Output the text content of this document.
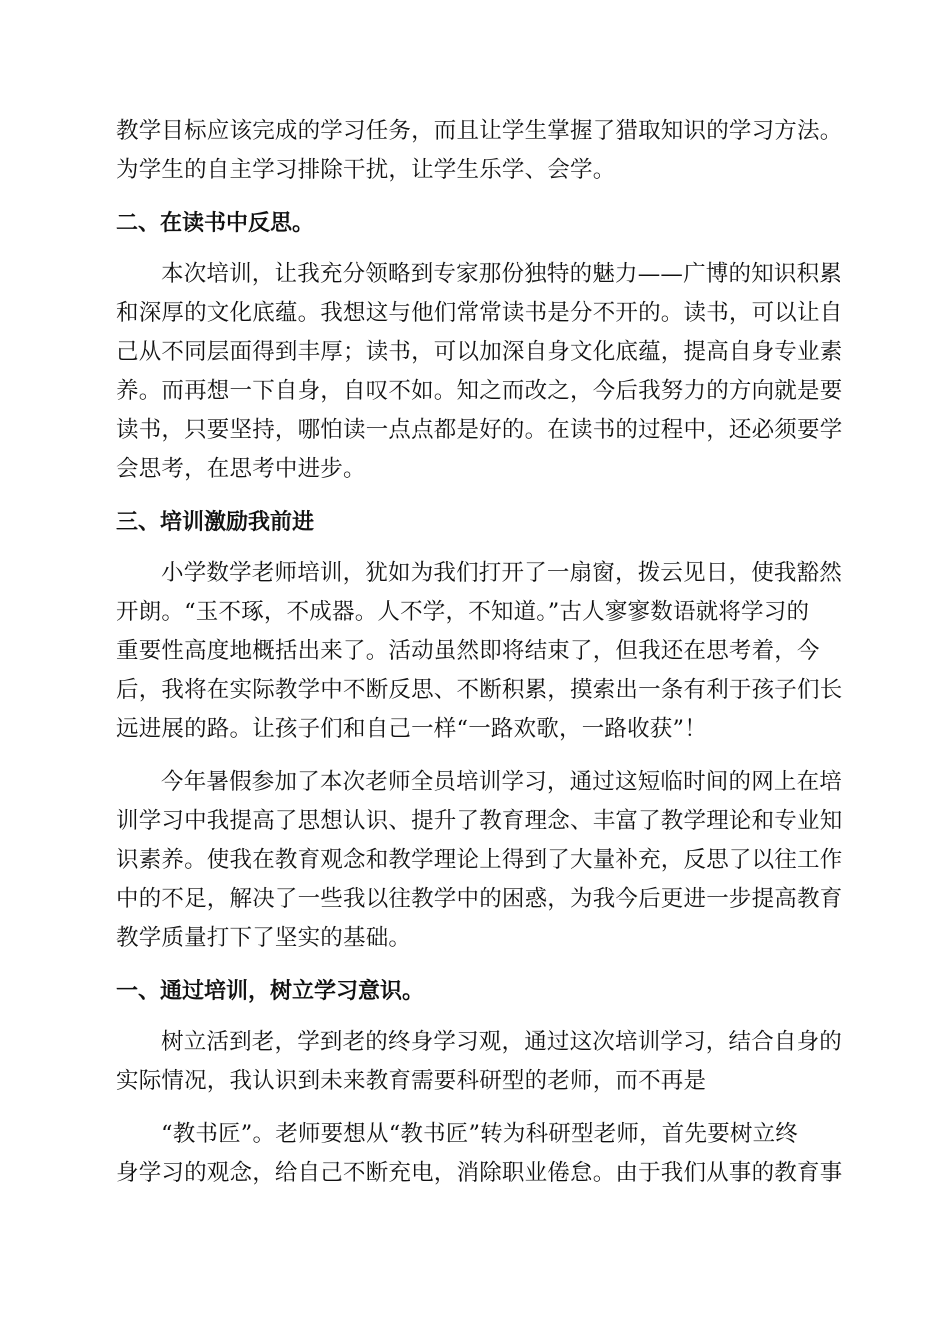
教学目标应该完成的学习任务，而且让学生掌握了猎取知识的学习方法。
为学生的自主学习排除干扰，让学生乐学、会学。
二、在读书中反思。
本次培训，让我充分领略到专家那份独特的魅力——广博的知识积累
和深厚的文化底蕴。我想这与他们常常读书是分不开的。读书，可以让自
己从不同层面得到丰厚；读书，可以加深自身文化底蕴，提高自身专业素
养。而再想一下自身，自叹不如。知之而改之，今后我努力的方向就是要
读书，只要坚持，哪怕读一点点都是好的。在读书的过程中，还必须要学
会思考，在思考中进步。
三、培训激励我前进
小学数学老师培训，犹如为我们打开了一扇窗，拨云见日，使我豁然
开朗。“玉不琢，不成器。人不学，不知道。”古人寥寥数语就将学习的
重要性高度地概括出来了。活动虽然即将结束了，但我还在思考着，今
后，我将在实际教学中不断反思、不断积累，摸索出一条有利于孩子们长
远进展的路。让孩子们和自己一样“一路欢歌，一路收获”！
今年暑假参加了本次老师全员培训学习，通过这短临时间的网上在培
训学习中我提高了思想认识、提升了教育理念、丰富了教学理论和专业知
识素养。使我在教育观念和教学理论上得到了大量补充，反思了以往工作
中的不足，解决了一些我以往教学中的困惑，为我今后更进一步提高教育
教学质量打下了坚实的基础。
一、通过培训，树立学习意识。
树立活到老，学到老的终身学习观，通过这次培训学习，结合自身的
实际情况，我认识到未来教育需要科研型的老师，而不再是
“教书匠”。老师要想从“教书匠”转为科研型老师，首先要树立终
身学习的观念，给自己不断充电，消除职业倦怠。由于我们从事的教育事
